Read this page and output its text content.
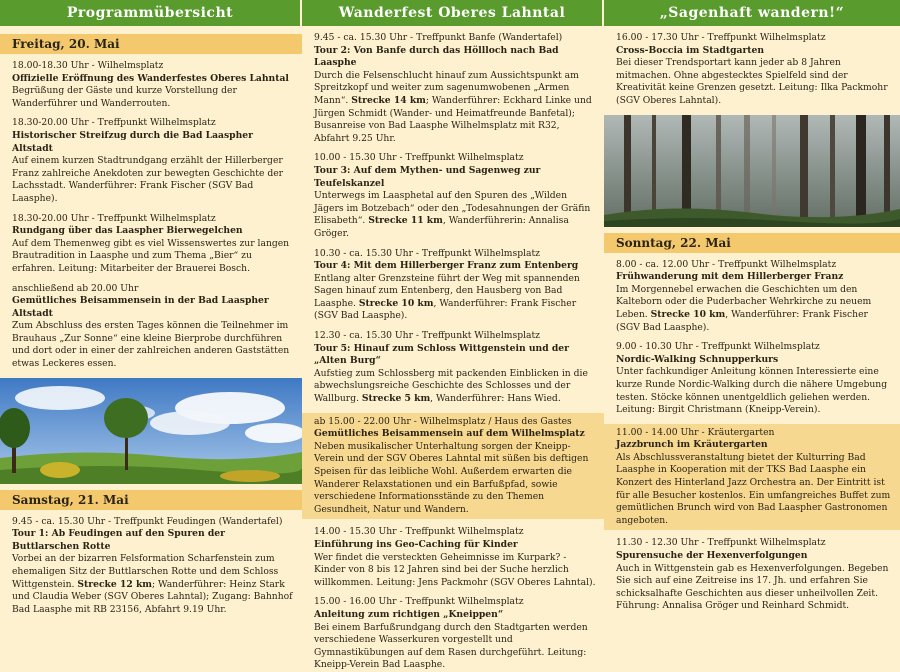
Programmübersicht
Freitag, 20. Mai
18.00-18.30 Uhr - Wilhelmsplatz
Offizielle Eröffnung des Wanderfestes Oberes Lahntal
Begrüßung der Gäste und kurze Vorstellung der Wanderführer und Wanderrouten.
18.30-20.00 Uhr - Treffpunkt Wilhelmsplatz
Historischer Streifzug durch die Bad Laaspher Altstadt
Auf einem kurzen Stadtrundgang erzählt der Hillerberger Franz zahlreiche Anekdoten zur bewegten Geschichte der Lachsstadt. Wanderführer: Frank Fischer (SGV Bad Laasphe).
18.30-20.00 Uhr - Treffpunkt Wilhelmsplatz
Rundgang über das Laaspher Bierwegelchen
Auf dem Themenweg gibt es viel Wissenswertes zur langen Brautradition in Laasphe und zum Thema „Bier“ zu erfahren. Leitung: Mitarbeiter der Brauerei Bosch.
anschließend ab 20.00 Uhr
Gemütliches Beisammensein in der Bad Laaspher Altstadt
Zum Abschluss des ersten Tages können die Teilnehmer im Brauhaus „Zur Sonne“ eine kleine Bierprobe durchführen und dort oder in einer der zahlreichen anderen Gaststätten etwas Leckeres essen.
Samstag, 21. Mai
9.45 - ca. 15.30 Uhr - Treffpunkt Feudingen (Wandertafel)
Tour 1: Ab Feudingen auf den Spuren der Buttlarschen Rotte
Vorbei an der bizarren Felsformation Scharfenstein zum ehemaligen Sitz der Buttlarschen Rotte und dem Schloss Wittgenstein. Strecke 12 km; Wanderführer: Heinz Stark und Claudia Weber (SGV Oberes Lahntal); Zugang: Bahnhof Bad Laasphe mit RB 23156, Abfahrt 9.19 Uhr.
Wanderfest Oberes Lahntal
9.45 - ca. 15.30 Uhr - Treffpunkt Banfe (Wandertafel)
Tour 2: Von Banfe durch das Höllloch nach Bad Laasphe
Durch die Felsenschlucht hinauf zum Aussichtspunkt am Spreitzkopf und weiter zum sagenumwobenen „Armen Mann“. Strecke 14 km; Wanderführer: Eckhard Linke und Jürgen Schmidt (Wander- und Heimatfreunde Banfetal); Busanreise von Bad Laasphe Wilhelmsplatz mit R32, Abfahrt 9.25 Uhr.
10.00 - 15.30 Uhr - Treffpunkt Wilhelmsplatz
Tour 3: Auf dem Mythen- und Sagenweg zur Teufelskanzel
Unterwegs im Laasphetal auf den Spuren des „Wilden Jägers im Botzebach“ oder den „Todesahnungen der Gräfin Elisabeth“. Strecke 11 km, Wanderführerin: Annalisa Gröger.
10.30 - ca. 15.30 Uhr - Treffpunkt Wilhelmsplatz
Tour 4: Mit dem Hillerberger Franz zum Entenberg
Entlang alter Grenzsteine führt der Weg mit spannenden Sagen hinauf zum Entenberg, den Hausberg von Bad Laasphe. Strecke 10 km, Wanderführer: Frank Fischer (SGV Bad Laasphe).
12.30 - ca. 15.30 Uhr - Treffpunkt Wilhelmsplatz
Tour 5: Hinauf zum Schloss Wittgenstein und der „Alten Burg“
Aufstieg zum Schlossberg mit packenden Einblicken in die abwechslungsreiche Geschichte des Schlosses und der Wallburg. Strecke 5 km, Wanderführer: Hans Wied.
ab 15.00 - 22.00 Uhr - Wilhelmsplatz / Haus des Gastes
Gemütliches Beisammensein auf dem Wilhelmsplatz
Neben musikalischer Unterhaltung sorgen der Kneipp-Verein und der SGV Oberes Lahntal mit süßen bis deftigen Speisen für das leibliche Wohl. Außerdem erwarten die Wanderer Relaxstationen und ein Barfußpfad, sowie verschiedene Informationsstände zu den Themen Gesundheit, Natur und Wandern.
14.00 - 15.30 Uhr - Treffpunkt Wilhelmsplatz
Einführung ins Geo-Caching für Kinder
Wer findet die versteckten Geheimnisse im Kurpark? - Kinder von 8 bis 12 Jahren sind bei der Suche herzlich willkommen. Leitung: Jens Packmohr (SGV Oberes Lahntal).
15.00 - 16.00 Uhr - Treffpunkt Wilhelmsplatz
Anleitung zum richtigen „Kneippen“
Bei einem Barfußrundgang durch den Stadtgarten werden verschiedene Wasserkuren vorgestellt und Gymnastikübungen auf dem Rasen durchgeführt. Leitung: Kneipp-Verein Bad Laasphe.
„Sagenhaft wandern!“
16.00 - 17.30 Uhr - Treffpunkt Wilhelmsplatz
Cross-Boccia im Stadtgarten
Bei dieser Trendsportart kann jeder ab 8 Jahren mitmachen. Ohne abgestecktes Spielfeld sind der Kreativität keine Grenzen gesetzt. Leitung: Ilka Packmohr (SGV Oberes Lahntal).
Sonntag, 22. Mai
8.00 - ca. 12.00 Uhr - Treffpunkt Wilhelmsplatz
Frühwanderung mit dem Hillerberger Franz
Im Morgennebel erwachen die Geschichten um den Kalteborn oder die Puderbacher Wehrkirche zu neuem Leben. Strecke 10 km, Wanderführer: Frank Fischer (SGV Bad Laasphe).
9.00 - 10.30 Uhr - Treffpunkt Wilhelmsplatz
Nordic-Walking Schnupperkurs
Unter fachkundiger Anleitung können Interessierte eine kurze Runde Nordic-Walking durch die nähere Umgebung testen. Stöcke können unentgeldlich geliehen werden. Leitung: Birgit Christmann (Kneipp-Verein).
11.00 - 14.00 Uhr - Kräutergarten
Jazzbrunch im Kräutergarten
Als Abschlussveranstaltung bietet der Kulturring Bad Laasphe in Kooperation mit der TKS Bad Laasphe ein Konzert des Hinterland Jazz Orchestra an. Der Eintritt ist für alle Besucher kostenlos. Ein umfangreiches Buffet zum gemütlichen Brunch wird von Bad Laaspher Gastronomen angeboten.
11.30 - 12.30 Uhr - Treffpunkt Wilhelmsplatz
Spurensuche der Hexenverfolgungen
Auch in Wittgenstein gab es Hexenverfolgungen. Begeben Sie sich auf eine Zeitreise ins 17. Jh. und erfahren Sie schicksalhafte Geschichten aus dieser unheilvollen Zeit. Führung: Annalisa Gröger und Reinhard Schmidt.
